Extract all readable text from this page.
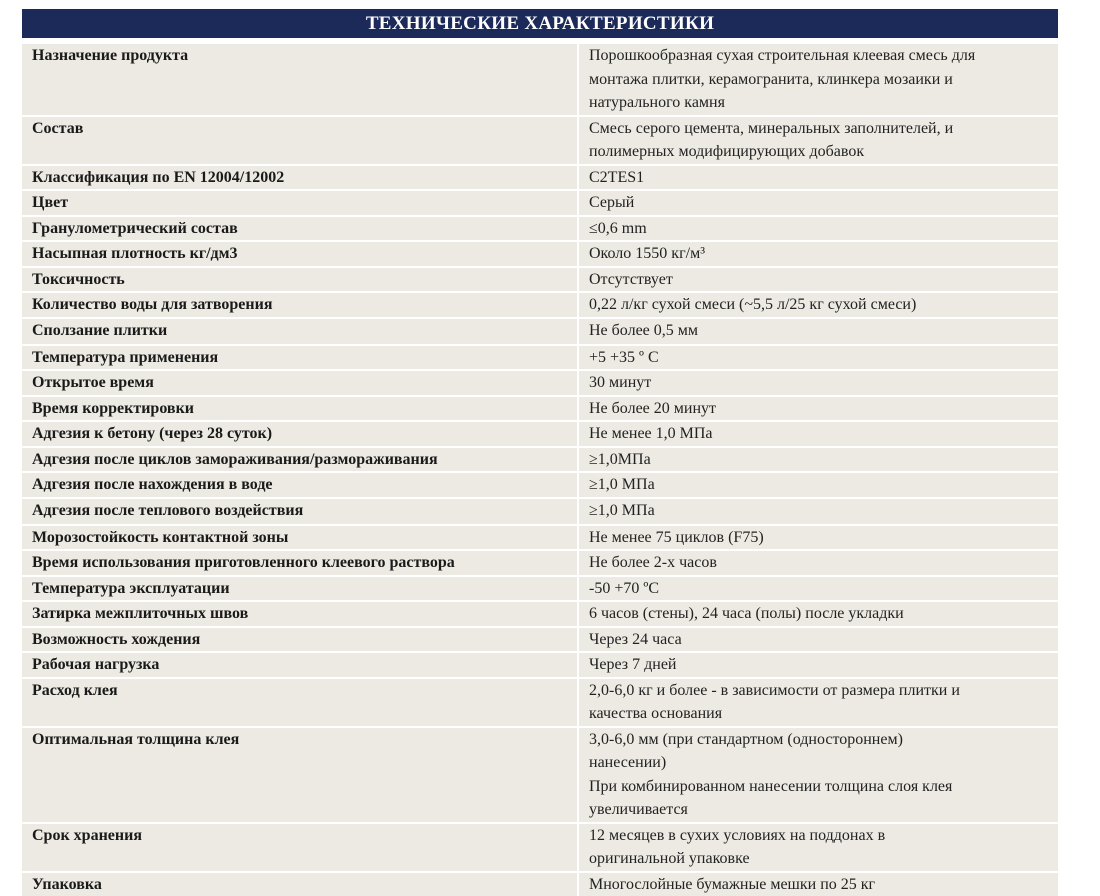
ТЕХНИЧЕСКИЕ ХАРАКТЕРИСТИКИ
Назначение продукта	Порошкообразная сухая строительная клеевая смесь для
монтажа плитки, керамогранита, клинкера мозаики и
натурального камня

Состав	Смесь серого цемента, минеральных заполнителей, и
полимерных модифицирующих добавок

Классификация по EN 12004/12002	C2TES1

Цвет	Серый

Гранулометрический состав	≤0,6 mm

Насыпная плотность кг/дм3	Около 1550 кг/м³

Токсичность	Отсутствует

Количество воды для затворения	0,22 л/кг сухой смеси (~5,5 л/25 кг сухой смеси)

Сползание плитки	Не более 0,5 мм

Температура применения	+5 +35 º С

Открытое время	30 минут

Время корректировки	Не более 20 минут

Адгезия к бетону (через 28 суток)	Не менее 1,0 МПа

Адгезия после циклов замораживания/размораживания	≥1,0МПа

Адгезия после нахождения в воде	≥1,0 МПа

Адгезия после теплового воздействия	≥1,0 МПа

Морозостойкость контактной зоны	Не менее 75 циклов (F75)

Время использования приготовленного клеевого раствора	Не более 2-х часов

Температура эксплуатации	-50 +70 ºС

Затирка межплиточных швов	6 часов (стены), 24 часа (полы) после укладки

Возможность хождения	Через 24 часа

Рабочая нагрузка	Через 7 дней

Расход клея	2,0-6,0 кг и более - в зависимости от размера плитки и
качества основания

Оптимальная толщина клея	3,0-6,0 мм (при стандартном (одностороннем)
нанесении)
При комбинированном нанесении толщина слоя клея
увеличивается

Срок хранения	12 месяцев в сухих условиях на поддонах в
оригинальной упаковке

Упаковка	Многослойные бумажные мешки по 25 кг
